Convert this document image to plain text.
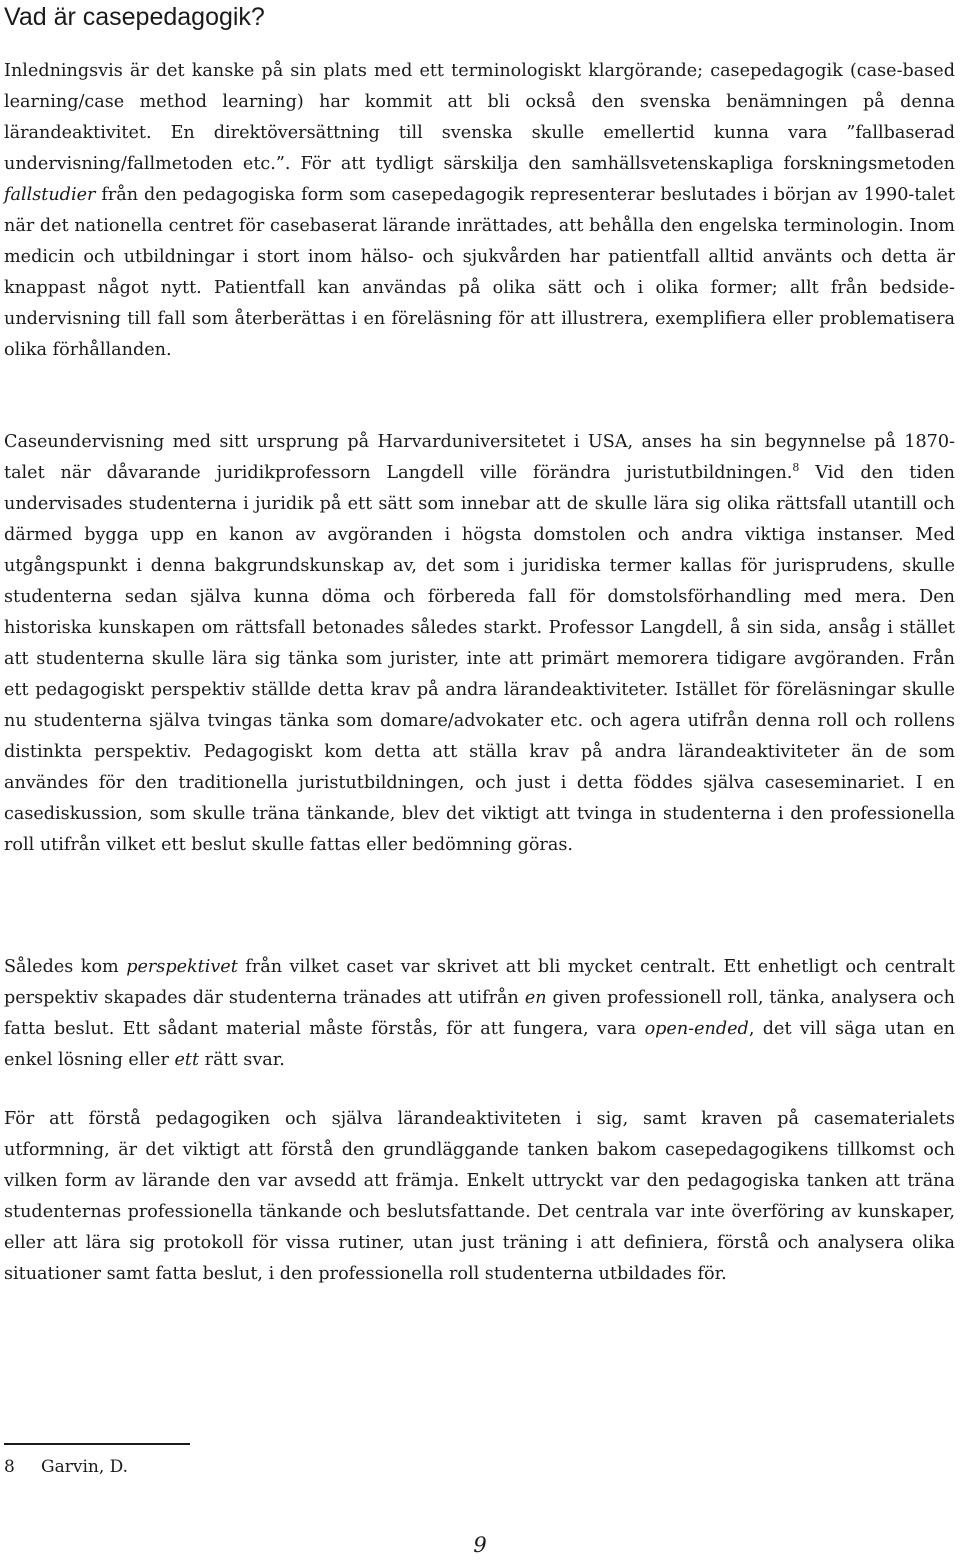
Vad är casepedagogik?

Inledningsvis är det kanske på sin plats med ett terminologiskt klargörande; casepedagogik (case-based learning/case method learning) har kommit att bli också den svenska benämningen på denna lärandeaktivitet. En direktöversättning till svenska skulle emellertid kunna vara ”fallbaserad undervisning/fallmetoden etc.”. För att tydligt särskilja den samhällsvetenskapliga forskningsmetoden fallstudier från den pedagogiska form som casepedagogik representerar beslutades i början av 1990-talet när det nationella centret för casebaserat lärande inrättades, att behålla den engelska terminologin. Inom medicin och utbildningar i stort inom hälso- och sjukvården har patientfall alltid använts och detta är knappast något nytt. Patientfall kan användas på olika sätt och i olika former; allt från bedside-undervisning till fall som återberättas i en föreläsning för att illustrera, exemplifiera eller problematisera olika förhållanden.

Caseundervisning med sitt ursprung på Harvarduniversitetet i USA, anses ha sin begynnelse på 1870-talet när dåvarande juridikprofessorn Langdell ville förändra juristutbildningen.$^8$ Vid den tiden undervisades studenterna i juridik på ett sätt som innebar att de skulle lära sig olika rättsfall utantill och därmed bygga upp en kanon av avgöranden i högsta domstolen och andra viktiga instanser. Med utgångspunkt i denna bakgrundskunskap av, det som i juridiska termer kallas för jurisprudens, skulle studenterna sedan själva kunna döma och förbereda fall för domstolsförhandling med mera. Den historiska kunskapen om rättsfall betonades således starkt. Professor Langdell, å sin sida, ansåg i stället att studenterna skulle lära sig tänka som jurister, inte att primärt memorera tidigare avgöranden. Från ett pedagogiskt perspektiv ställde detta krav på andra lärandeaktiviteter. Istället för föreläsningar skulle nu studenterna själva tvingas tänka som domare/advokater etc. och agera utifrån denna roll och rollens distinkta perspektiv. Pedagogiskt kom detta att ställa krav på andra lärandeaktiviteter än de som användes för den traditionella juristutbildningen, och just i detta föddes själva caseseminariet. I en casediskussion, som skulle träna tänkande, blev det viktigt att tvinga in studenterna i den professionella roll utifrån vilket ett beslut skulle fattas eller bedömning göras.

Således kom perspektivet från vilket caset var skrivet att bli mycket centralt. Ett enhetligt och centralt perspektiv skapades där studenterna tränades att utifrån en given professionell roll, tänka, analysera och fatta beslut. Ett sådant material måste förstås, för att fungera, vara open-ended, det vill säga utan en enkel lösning eller ett rätt svar.

För att förstå pedagogiken och själva lärandeaktiviteten i sig, samt kraven på casematerialets utformning, är det viktigt att förstå den grundläggande tanken bakom casepedagogikens tillkomst och vilken form av lärande den var avsedd att främja. Enkelt uttryckt var den pedagogiska tanken att träna studenternas professionella tänkande och beslutsfattande. Det centrala var inte överföring av kunskaper, eller att lära sig protokoll för vissa rutiner, utan just träning i att definiera, förstå och analysera olika situationer samt fatta beslut, i den professionella roll studenterna utbildades för.

8 Garvin, D.
9
